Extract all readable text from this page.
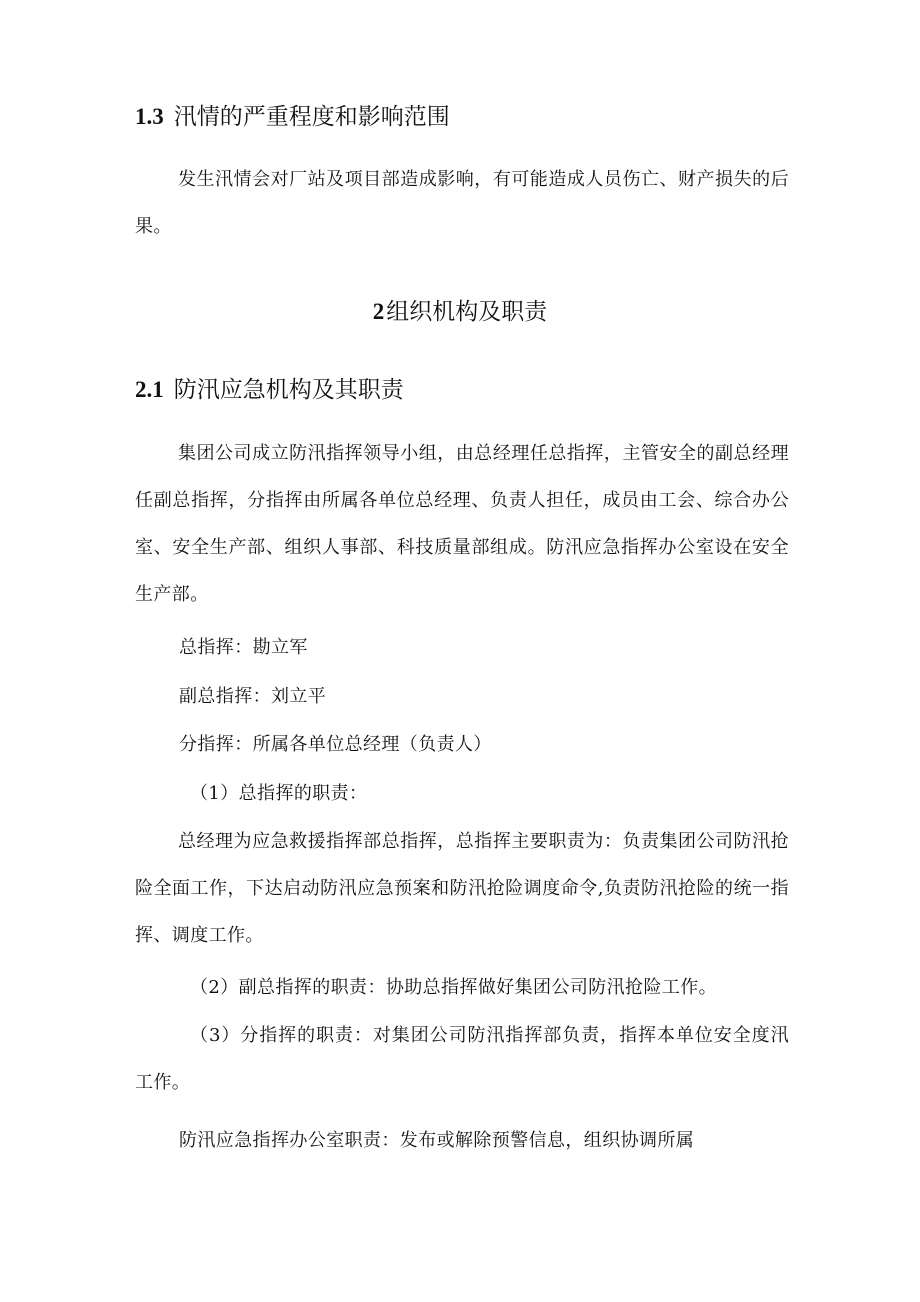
1.3 汛情的严重程度和影响范围
发生汛情会对厂站及项目部造成影响，有可能造成人员伤亡、财产损失的后果。
2组织机构及职责
2.1 防汛应急机构及其职责
集团公司成立防汛指挥领导小组，由总经理任总指挥，主管安全的副总经理任副总指挥，分指挥由所属各单位总经理、负责人担任，成员由工会、综合办公室、安全生产部、组织人事部、科技质量部组成。防汛应急指挥办公室设在安全生产部。
总指挥：勘立军
副总指挥：刘立平
分指挥：所属各单位总经理（负责人）
（1）总指挥的职责：
总经理为应急救援指挥部总指挥，总指挥主要职责为：负责集团公司防汛抢险全面工作，下达启动防汛应急预案和防汛抢险调度命令,负责防汛抢险的统一指挥、调度工作。
（2）副总指挥的职责：协助总指挥做好集团公司防汛抢险工作。
（3）分指挥的职责：对集团公司防汛指挥部负责，指挥本单位安全度汛工作。
防汛应急指挥办公室职责：发布或解除预警信息，组织协调所属
